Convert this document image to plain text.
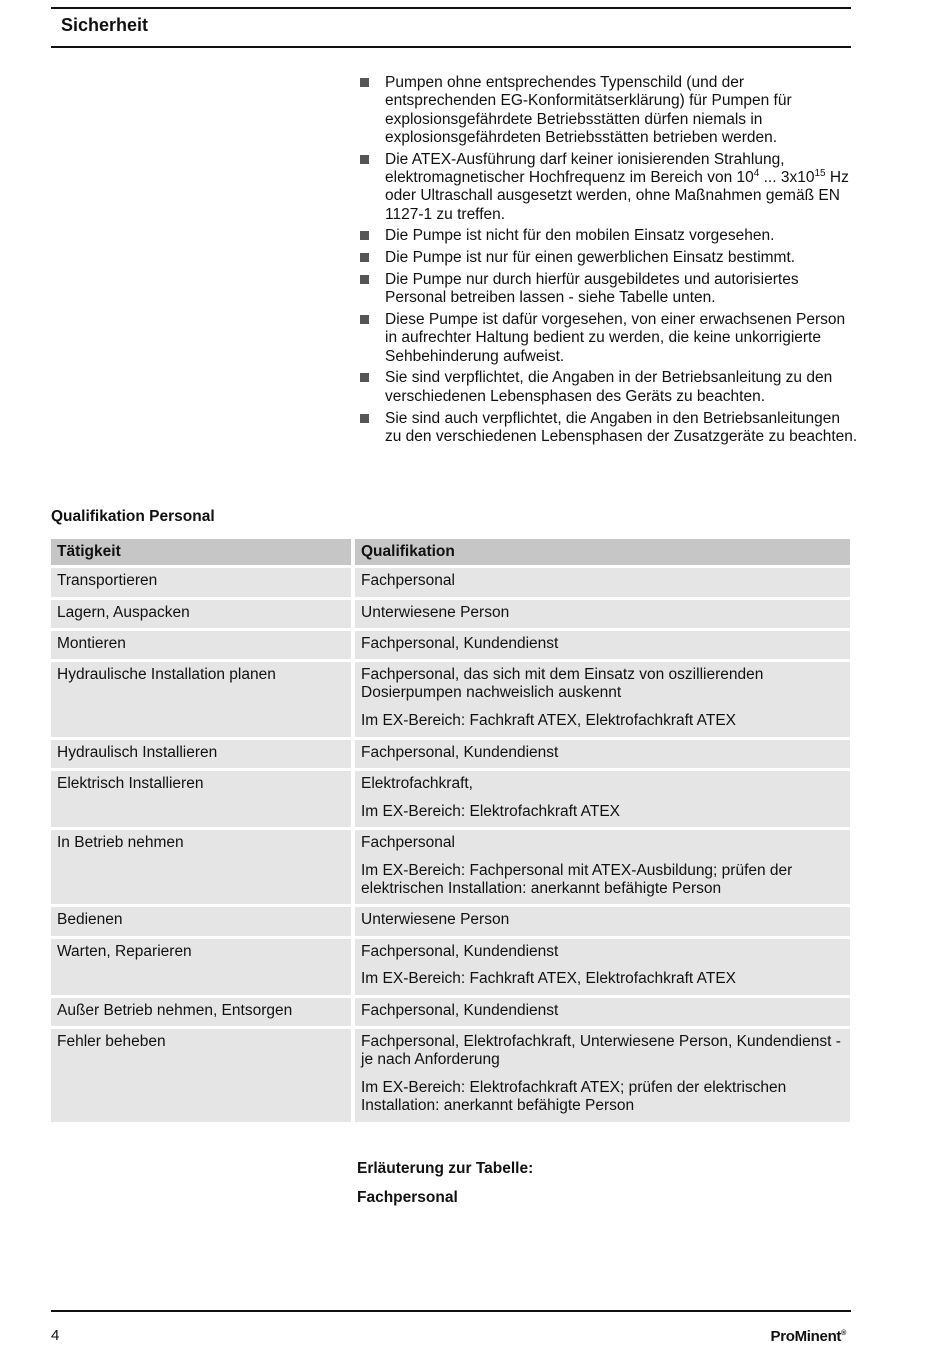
Sicherheit
Pumpen ohne entsprechendes Typenschild (und der entsprechenden EG-Konformitätserklärung) für Pumpen für explosionsgefährdete Betriebsstätten dürfen niemals in explosionsgefährdeten Betriebsstätten betrieben werden.
Die ATEX-Ausführung darf keiner ionisierenden Strahlung, elektromagnetischer Hochfrequenz im Bereich von $10^4$ ... $3x10^{15}$ Hz oder Ultraschall ausgesetzt werden, ohne Maßnahmen gemäß EN 1127-1 zu treffen.
Die Pumpe ist nicht für den mobilen Einsatz vorgesehen.
Die Pumpe ist nur für einen gewerblichen Einsatz bestimmt.
Die Pumpe nur durch hierfür ausgebildetes und autorisiertes Personal betreiben lassen - siehe Tabelle unten.
Diese Pumpe ist dafür vorgesehen, von einer erwachsenen Person in aufrechter Haltung bedient zu werden, die keine unkorrigierte Sehbehinderung aufweist.
Sie sind verpflichtet, die Angaben in der Betriebsanleitung zu den verschiedenen Lebensphasen des Geräts zu beachten.
Sie sind auch verpflichtet, die Angaben in den Betriebsanleitungen zu den verschiedenen Lebensphasen der Zusatzgeräte zu beachten.
Qualifikation Personal
Tätigkeit	Qualifikation
Transportieren	Fachpersonal

Lagern, Auspacken	Unterwiesene Person

Montieren	Fachpersonal, Kundendienst

Hydraulische Installation planen	Fachpersonal, das sich mit dem Einsatz von oszillierenden Dosierpumpen nachweislich auskennt

Im EX-Bereich: Fachkraft ATEX, Elektrofachkraft ATEX

Hydraulisch Installieren	Fachpersonal, Kundendienst

Elektrisch Installieren	Elektrofachkraft,

Im EX-Bereich: Elektrofachkraft ATEX

In Betrieb nehmen	Fachpersonal

Im EX-Bereich: Fachpersonal mit ATEX-Ausbildung; prüfen der elektrischen Installation: anerkannt befähigte Person

Bedienen	Unterwiesene Person

Warten, Reparieren	Fachpersonal, Kundendienst

Im EX-Bereich: Fachkraft ATEX, Elektrofachkraft ATEX

Außer Betrieb nehmen, Entsorgen	Fachpersonal, Kundendienst

Fehler beheben	Fachpersonal, Elektrofachkraft, Unterwiesene Person, Kundendienst - je nach Anforderung

Im EX-Bereich: Elektrofachkraft ATEX; prüfen der elektrischen Installation: anerkannt befähigte Person

Erläuterung zur Tabelle:
Fachpersonal
4	ProMinent®
